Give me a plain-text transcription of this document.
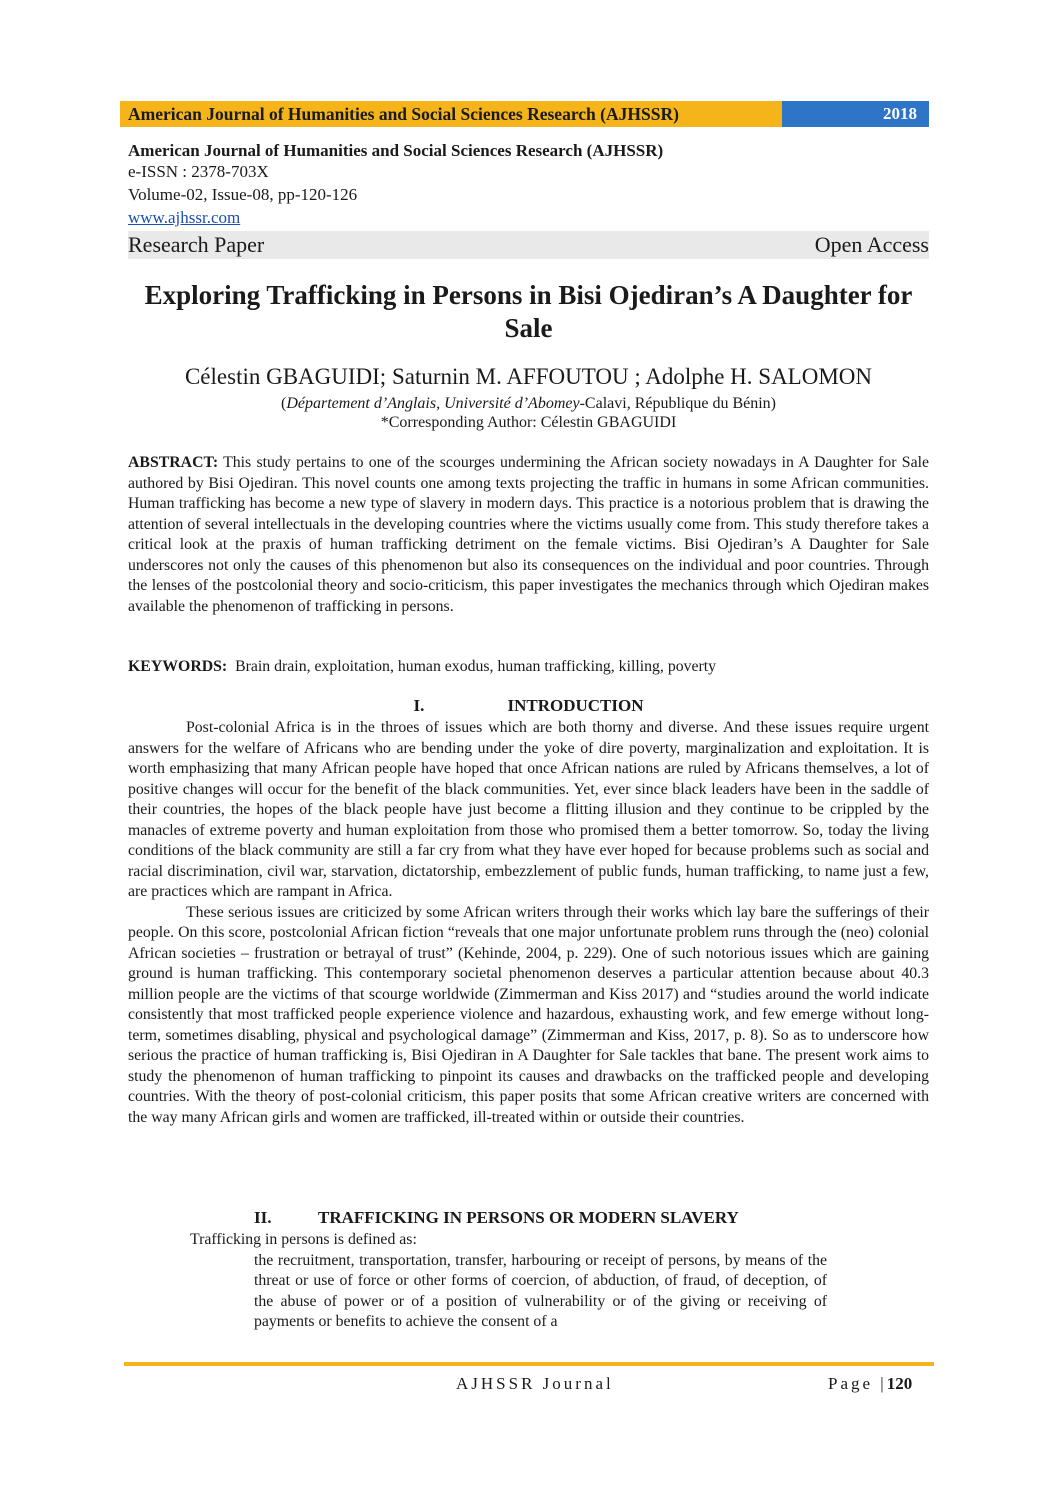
American Journal of Humanities and Social Sciences Research (AJHSSR)	2018
American Journal of Humanities and Social Sciences Research (AJHSSR)
e-ISSN : 2378-703X
Volume-02, Issue-08, pp-120-126
www.ajhssr.com
Research Paper	Open Access
Exploring Trafficking in Persons in Bisi Ojediran’s A Daughter for Sale
Célestin GBAGUIDI; Saturnin M. AFFOUTOU ; Adolphe H. SALOMON
(Département d’Anglais, Université d’Abomey-Calavi, République du Bénin)
*Corresponding Author: Célestin GBAGUIDI
ABSTRACT: This study pertains to one of the scourges undermining the African society nowadays in A Daughter for Sale authored by Bisi Ojediran. This novel counts one among texts projecting the traffic in humans in some African communities. Human trafficking has become a new type of slavery in modern days. This practice is a notorious problem that is drawing the attention of several intellectuals in the developing countries where the victims usually come from. This study therefore takes a critical look at the praxis of human trafficking detriment on the female victims. Bisi Ojediran’s A Daughter for Sale underscores not only the causes of this phenomenon but also its consequences on the individual and poor countries. Through the lenses of the postcolonial theory and socio-criticism, this paper investigates the mechanics through which Ojediran makes available the phenomenon of trafficking in persons.
KEYWORDS: Brain drain, exploitation, human exodus, human trafficking, killing, poverty
I.	INTRODUCTION

Post-colonial Africa is in the throes of issues which are both thorny and diverse. And these issues require urgent answers for the welfare of Africans who are bending under the yoke of dire poverty, marginalization and exploitation. It is worth emphasizing that many African people have hoped that once African nations are ruled by Africans themselves, a lot of positive changes will occur for the benefit of the black communities. Yet, ever since black leaders have been in the saddle of their countries, the hopes of the black people have just become a flitting illusion and they continue to be crippled by the manacles of extreme poverty and human exploitation from those who promised them a better tomorrow. So, today the living conditions of the black community are still a far cry from what they have ever hoped for because problems such as social and racial discrimination, civil war, starvation, dictatorship, embezzlement of public funds, human trafficking, to name just a few, are practices which are rampant in Africa.

These serious issues are criticized by some African writers through their works which lay bare the sufferings of their people. On this score, postcolonial African fiction “reveals that one major unfortunate problem runs through the (neo) colonial African societies – frustration or betrayal of trust” (Kehinde, 2004, p. 229). One of such notorious issues which are gaining ground is human trafficking. This contemporary societal phenomenon deserves a particular attention because about 40.3 million people are the victims of that scourge worldwide (Zimmerman and Kiss 2017) and “studies around the world indicate consistently that most trafficked people experience violence and hazardous, exhausting work, and few emerge without long-term, sometimes disabling, physical and psychological damage” (Zimmerman and Kiss, 2017, p. 8). So as to underscore how serious the practice of human trafficking is, Bisi Ojediran in A Daughter for Sale tackles that bane. The present work aims to study the phenomenon of human trafficking to pinpoint its causes and drawbacks on the trafficked people and developing countries. With the theory of post-colonial criticism, this paper posits that some African creative writers are concerned with the way many African girls and women are trafficked, ill-treated within or outside their countries.

II.	TRAFFICKING IN PERSONS OR MODERN SLAVERY

Trafficking in persons is defined as:

the recruitment, transportation, transfer, harbouring or receipt of persons, by means of the threat or use of force or other forms of coercion, of abduction, of fraud, of deception, of the abuse of power or of a position of vulnerability or of the giving or receiving of payments or benefits to achieve the consent of a

AJHSSR Journal	Page |120
